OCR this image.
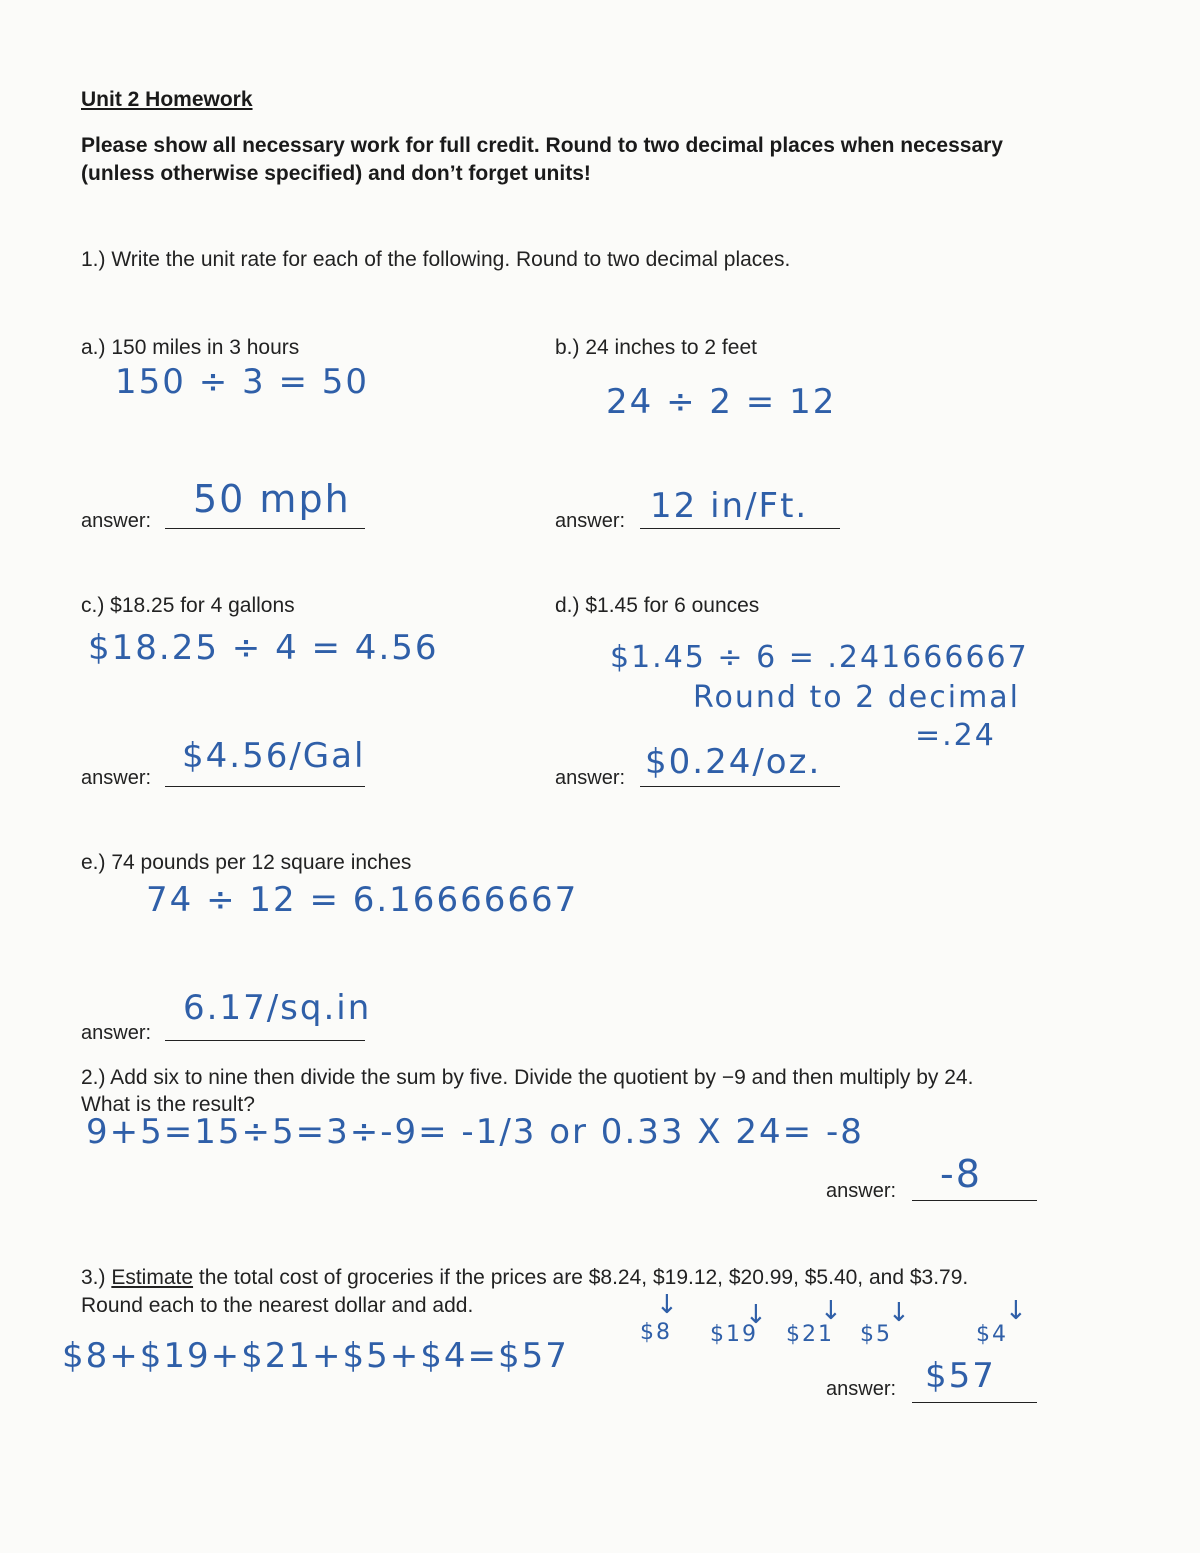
Unit 2 Homework
Please show all necessary work for full credit. Round to two decimal places when necessary
(unless otherwise specified) and don’t forget units!
1.) Write the unit rate for each of the following. Round to two decimal places.
a.) 150 miles in 3 hours
150 ÷ 3 = 50
answer: 50 mph
b.) 24 inches to 2 feet
24 ÷ 2 = 12
answer: 12 in/Ft.
c.) $18.25 for 4 gallons
$18.25 ÷ 4 = 4.56
answer:
$4.56/Gal
d.) $1.45 for 6 ounces
$1.45 ÷ 6 = .241666667
Round to 2 decimal
=.24
answer: $0.24/oz.
e.) 74 pounds per 12 square inches
74 ÷ 12 = 6.16666667
answer:
6.17/sq.in
2.) Add six to nine then divide the sum by five. Divide the quotient by −9 and then multiply by 24.
What is the result?
9+5=15÷5=3÷-9= -1/3 or 0.33 X 24= -8
answer: -8
3.) Estimate the total cost of groceries if the prices are $8.24, $19.12, $20.99, $5.40, and $3.79.
Round each to the nearest dollar and add.	↓	↓ ↓ ↓	↓
$8 $19 $21 $5	$4
$8+$19+$21+$5+$4=$57
answer: $57
